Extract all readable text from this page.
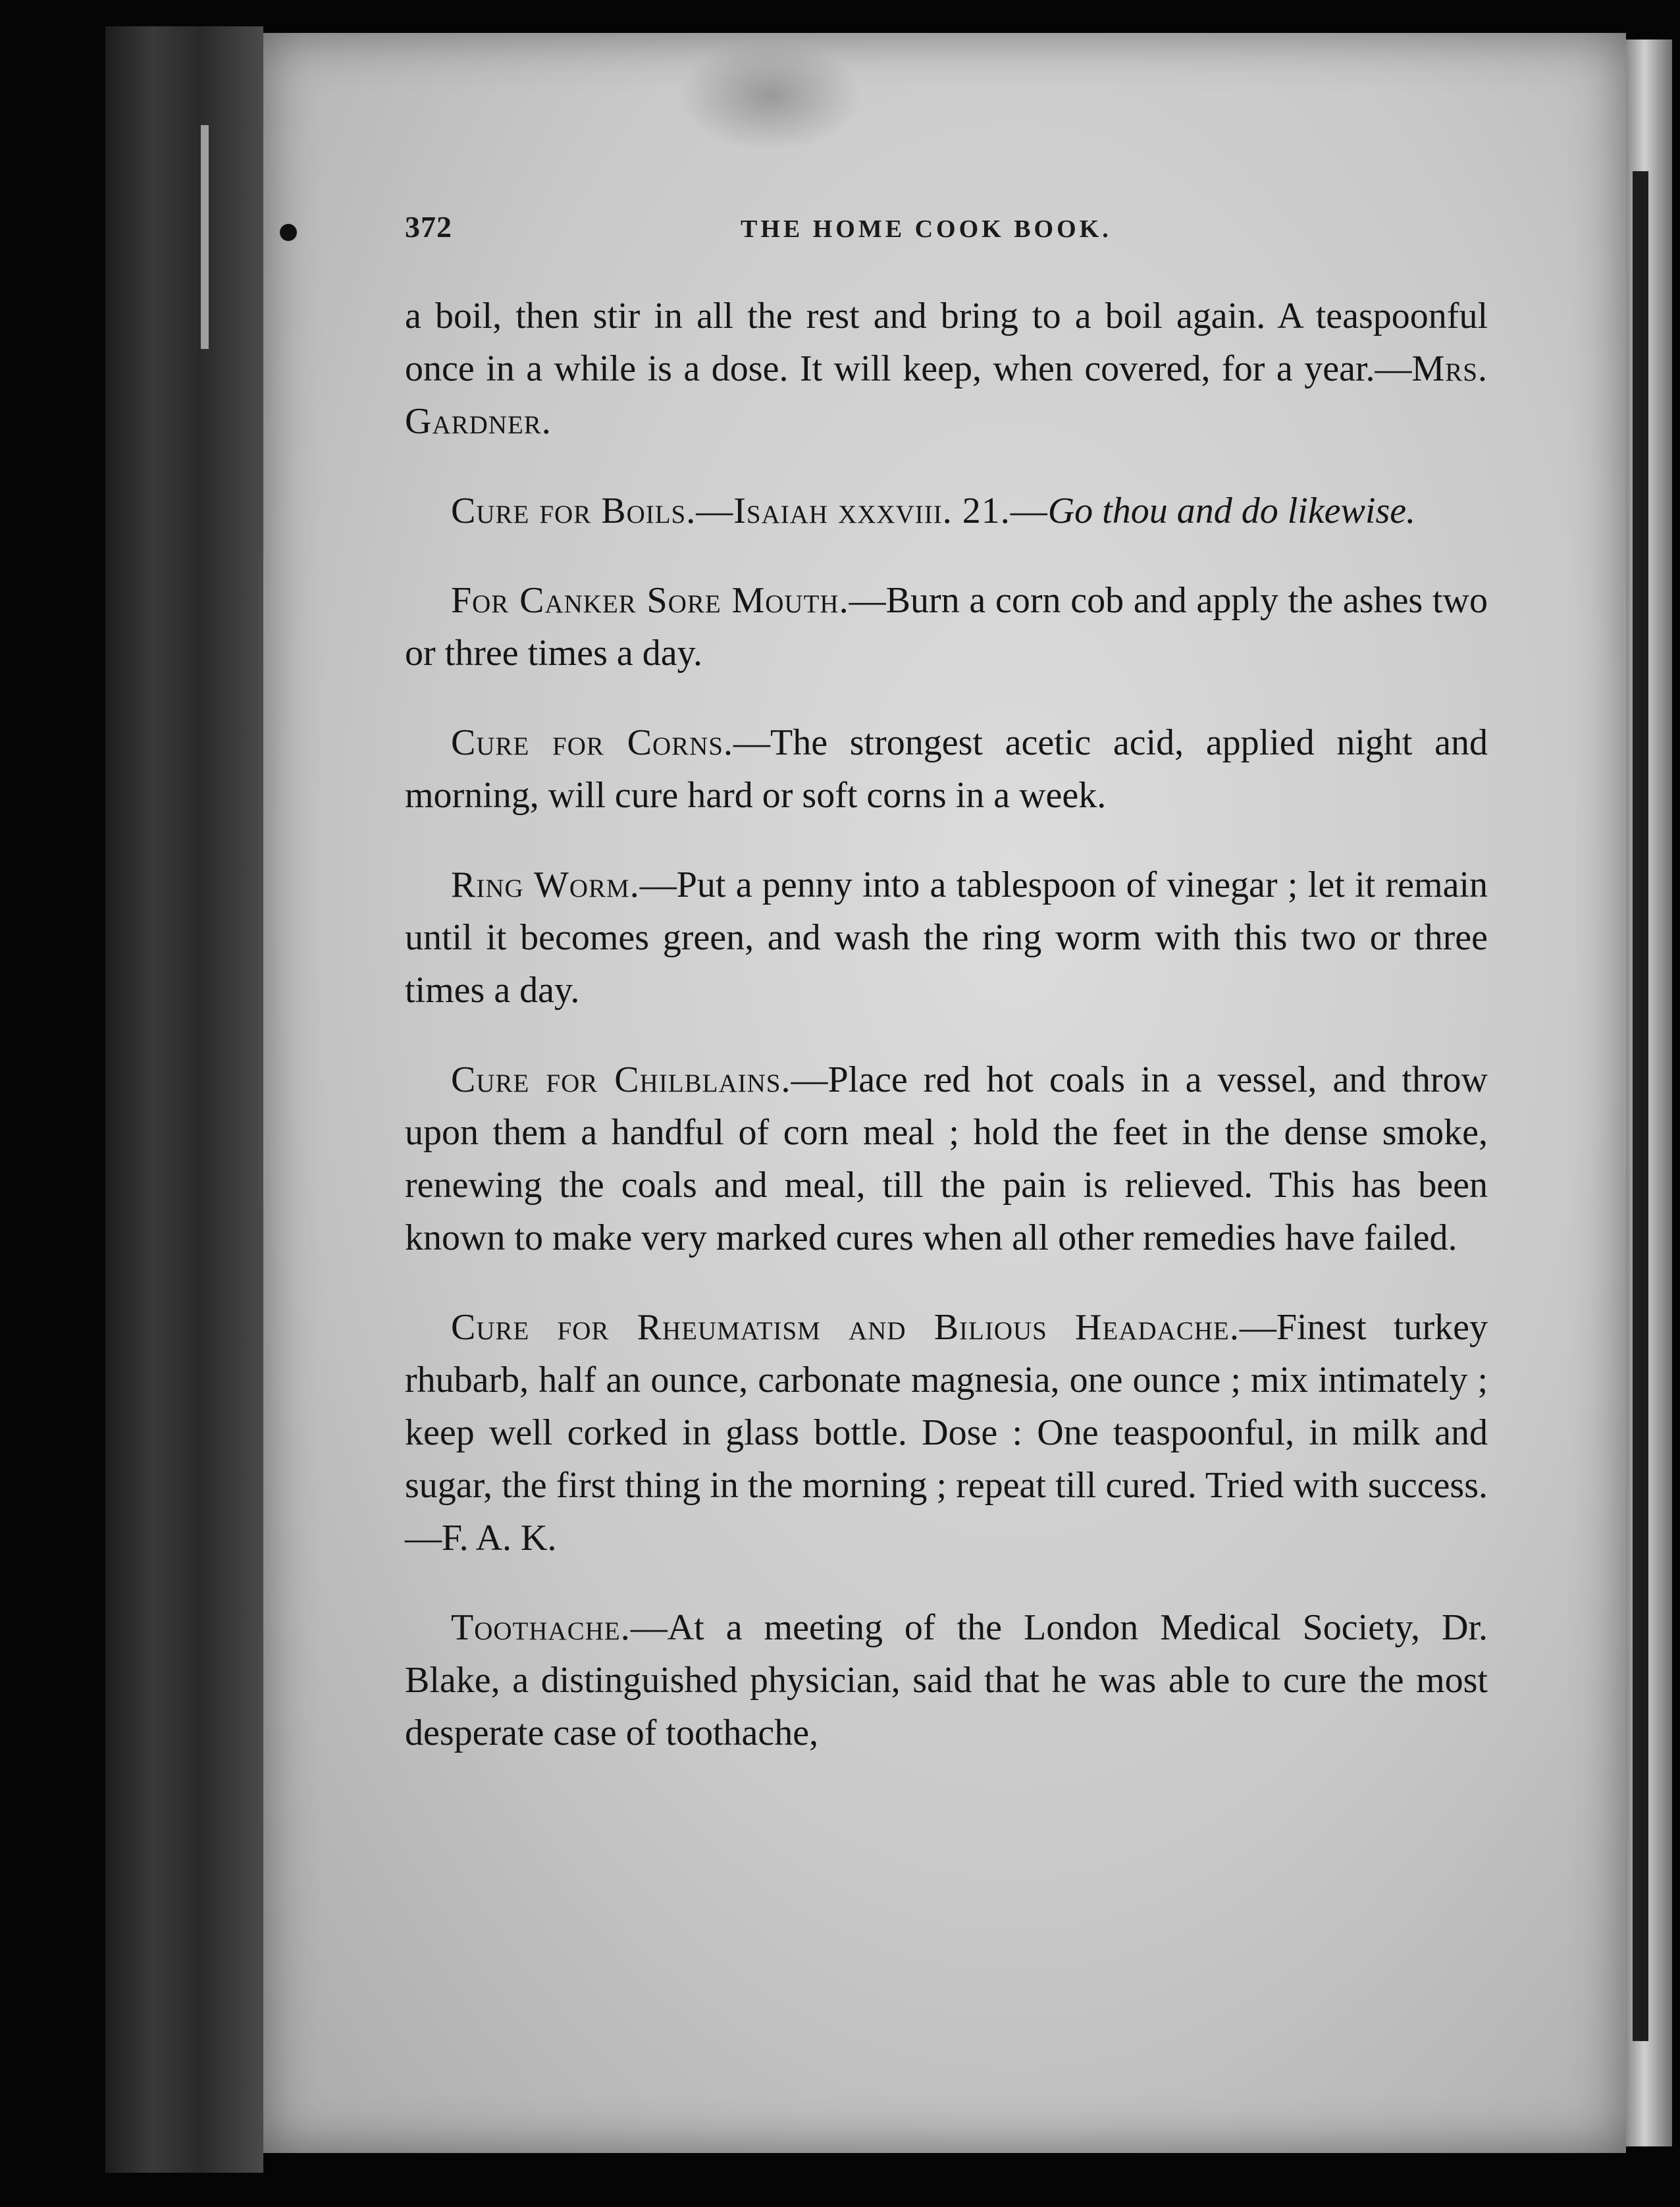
372	THE HOME COOK BOOK.

a boil, then stir in all the rest and bring to a boil again. A teaspoonful once in a while is a dose. It will keep, when covered, for a year.—Mrs. Gardner.

Cure for Boils.—Isaiah xxxviii. 21.—Go thou and do likewise.

For Canker Sore Mouth.—Burn a corn cob and apply the ashes two or three times a day.

Cure for Corns.—The strongest acetic acid, applied night and morning, will cure hard or soft corns in a week.

Ring Worm.—Put a penny into a tablespoon of vinegar ; let it remain until it becomes green, and wash the ring worm with this two or three times a day.

Cure for Chilblains.—Place red hot coals in a vessel, and throw upon them a handful of corn meal ; hold the feet in the dense smoke, renewing the coals and meal, till the pain is relieved. This has been known to make very marked cures when all other remedies have failed.

Cure for Rheumatism and Bilious Headache.—Finest turkey rhubarb, half an ounce, carbonate magnesia, one ounce ; mix intimately ; keep well corked in glass bottle. Dose : One teaspoonful, in milk and sugar, the first thing in the morning ; repeat till cured. Tried with success.—F. A. K.

Toothache.—At a meeting of the London Medical Society, Dr. Blake, a distinguished physician, said that he was able to cure the most desperate case of toothache,
